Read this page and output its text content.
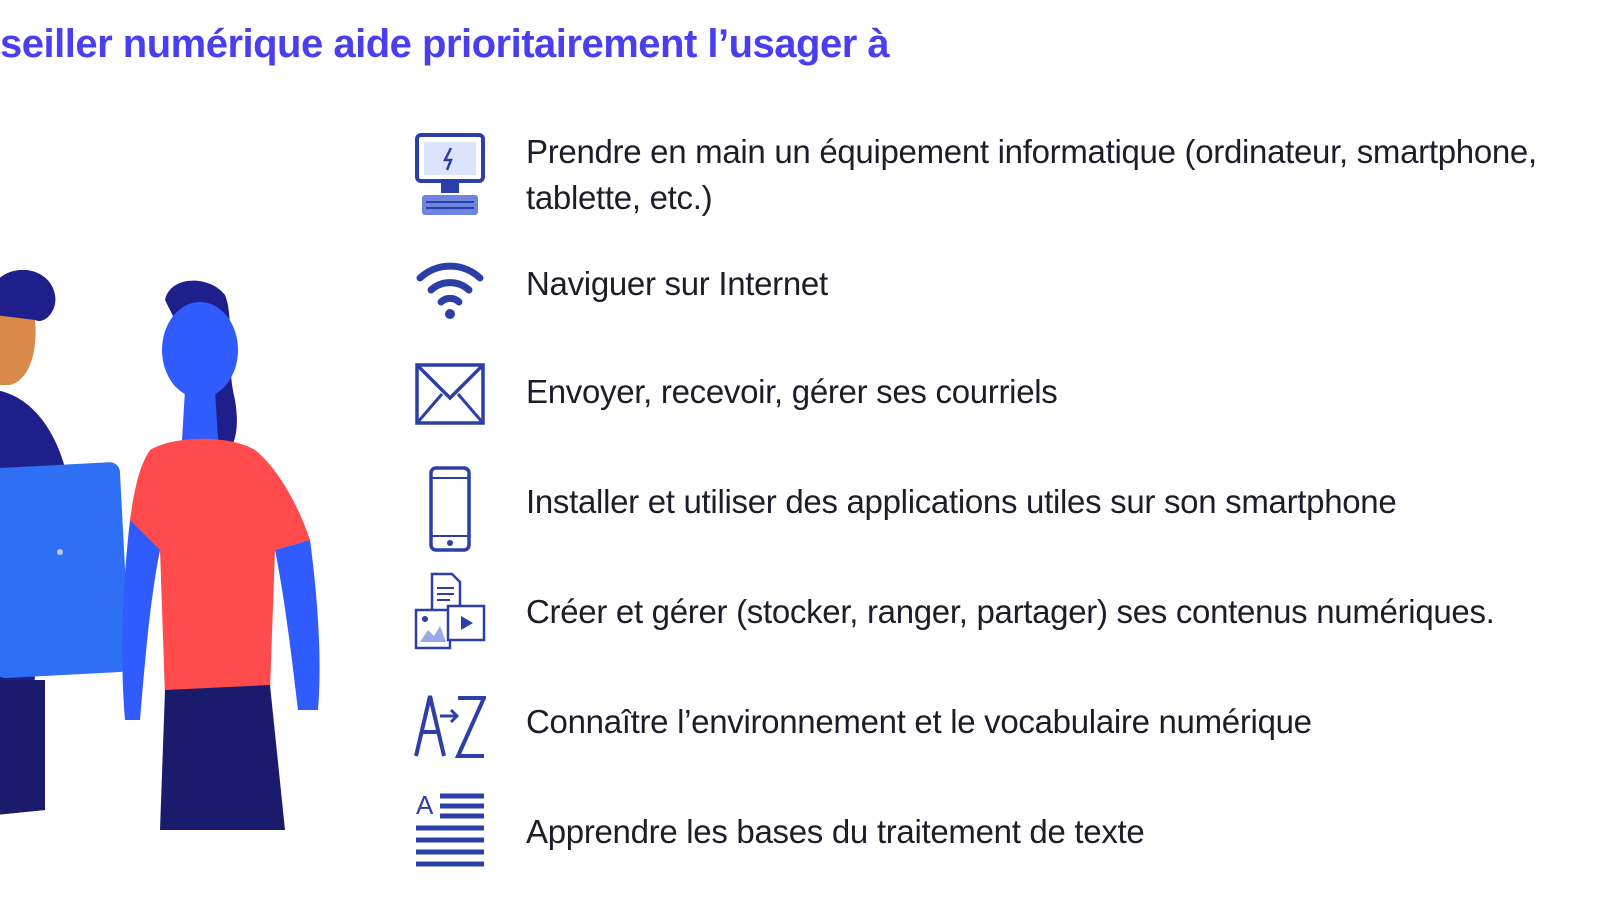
seiller numérique aide prioritairement l’usager à
Prendre en main un équipement informatique (ordinateur, smartphone,
tablette, etc.)
Naviguer sur Internet
Envoyer, recevoir, gérer ses courriels
Installer et utiliser des applications utiles sur son smartphone
Créer et gérer (stocker, ranger, partager) ses contenus numériques.
Connaître l’environnement et le vocabulaire numérique
A
Apprendre les bases du traitement de texte
